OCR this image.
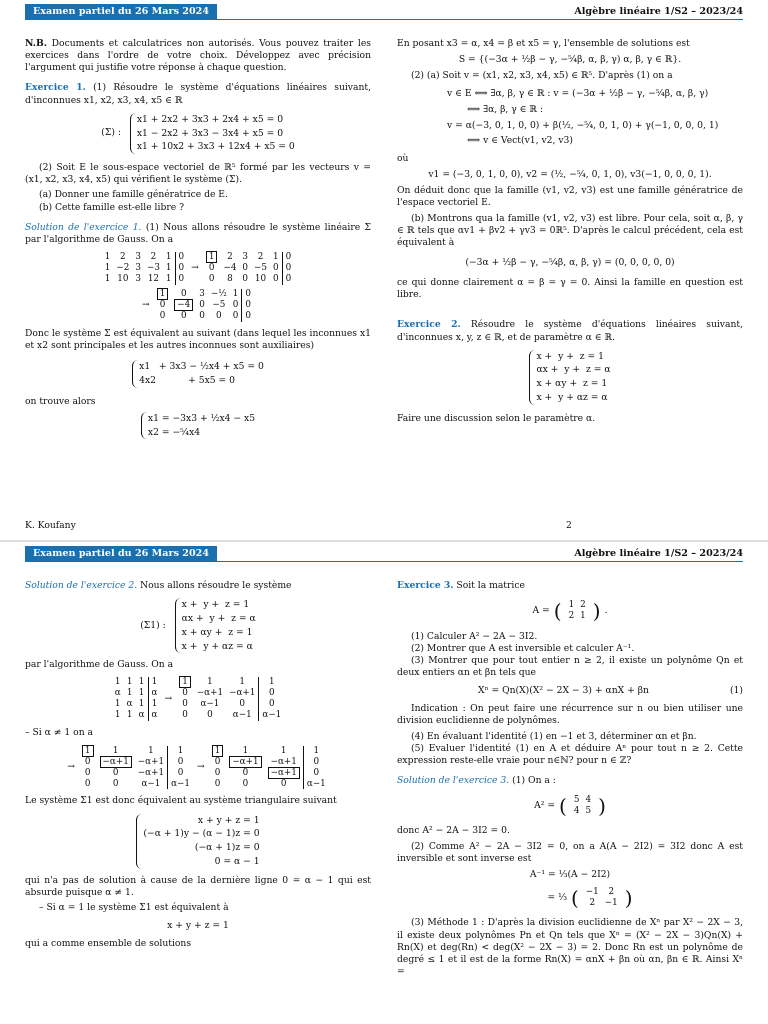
Examen partiel du 26 Mars 2024	Algèbre linéaire 1/S2 – 2023/24

N.B. Documents et calculatrices non autorisés. Vous pouvez traiter les exercices dans l'ordre de votre choix. Développez avec précision l'argument qui justifie votre réponse à chaque question.

Exercice 1. (1) Résoudre le système d'équations linéaires suivant, d'inconnues x1, x2, x3, x4, x5 ∈ ℝ

(Σ) :
x1 + 2x2 + 3x3 + 2x4 + x5 = 0
x1 − 2x2 + 3x3 − 3x4 + x5 = 0
x1 + 10x2 + 3x3 + 12x4 + x5 = 0

(2) Soit E le sous-espace vectoriel de ℝ⁵ formé par les vecteurs v = (x1, x2, x3, x4, x5) qui vérifient le système (Σ).

(a) Donner une famille génératrice de E.

(b) Cette famille est-elle libre ?

Solution de l'exercice 1. (1) Nous allons résoudre le système linéaire Σ par l'algorithme de Gauss. On a

1	2	3	2	1	0
1	−2	3	−3	1	0
1	10	3	12	1	0
→
1	2	3	2	1	0
0	−4	0	−5	0	0
0	8	0	10	0	0
→
1	0	3	−½	1	0
0	−4	0	−5	0	0
0	0	0	0	0	0

Donc le système Σ est équivalent au suivant (dans lequel les inconnues x1 et x2 sont principales et les autres inconnues sont auxiliaires)

x1   + 3x3 − ½x4 + x5 = 0
4x2           + 5x5 = 0

on trouve alors

x1 = −3x3 + ½x4 − x5
x2 = −⁵⁄₄x4
K. Koufany	2

En posant x3 = α, x4 = β et x5 = γ, l'ensemble de solutions est

S = {(−3α + ½β − γ, −⁵⁄₄β, α, β, γ) α, β, γ ∈ ℝ}.

(2) (a) Soit v = (x1, x2, x3, x4, x5) ∈ ℝ⁵. D'après (1) on a

v ∈ E ⟺ ∃α, β, γ ∈ ℝ : v = (−3α + ½β − γ, −⁵⁄₄β, α, β, γ)
⟺ ∃α, β, γ ∈ ℝ :
v = α(−3, 0, 1, 0, 0) + β(½, −⁵⁄₄, 0, 1, 0) + γ(−1, 0, 0, 0, 1)
⟺ v ∈ Vect(v1, v2, v3)

où

v1 = (−3, 0, 1, 0, 0), v2 = (½, −⁵⁄₄, 0, 1, 0), v3(−1, 0, 0, 0, 1).

On déduit donc que la famille (v1, v2, v3) est une famille génératrice de l'espace vectoriel E.

(b) Montrons qua la famille (v1, v2, v3) est libre. Pour cela, soit α, β, γ ∈ ℝ tels que αv1 + βv2 + γv3 = 0ℝ⁵. D'après le calcul précédent, cela est équivalent à

(−3α + ½β − γ, −⁵⁄₄β, α, β, γ) = (0, 0, 0, 0, 0)

ce qui donne clairement α = β = γ = 0. Ainsi la famille en question est libre.

Exercice 2. Résoudre le système d'équations linéaires suivant, d'inconnues x, y, z ∈ ℝ, et de paramètre α ∈ ℝ.

x +  y +  z = 1
αx +  y +  z = α
x + αy +  z = 1
x +  y + αz = α

Faire une discussion selon le paramètre α.

Examen partiel du 26 Mars 2024	Algèbre linéaire 1/S2 – 2023/24

Solution de l'exercice 2. Nous allons résoudre le système

(Σ1) :
x +  y +  z = 1
αx +  y +  z = α
x + αy +  z = 1
x +  y + αz = α

par l'algorithme de Gauss. On a

1	1	1	1
α	1	1	α
1	α	1	1
1	1	α	α
→
1	1	1	1
0	−α+1	−α+1	0
0	α−1	0	0
0	0	α−1	α−1

– Si α ≠ 1 on a

→
1	1	1	1
0	−α+1	−α+1	0
0	0	−α+1	0
0	0	α−1	α−1
→
1	1	1	1
0	−α+1	−α+1	0
0	0	−α+1	0
0	0	0	α−1

Le système Σ1 est donc équivalent au système triangulaire suivant

x + y + z = 1
(−α + 1)y − (α − 1)z = 0
(−α + 1)z = 0
0 = α − 1

qui n'a pas de solution à cause de la dernière ligne 0 = α − 1 qui est absurde puisque α ≠ 1.

– Si α = 1 le système Σ1 est équivalent à

x + y + z = 1

qui a comme ensemble de solutions

Exercice 3. Soit la matrice

A = ( 1	2
2	1 ) .

(1) Calculer A² − 2A − 3I2.

(2) Montrer que A est inversible et calculer A⁻¹.

(3) Montrer que pour tout entier n ≥ 2, il existe un polynôme Qn et deux entiers αn et βn tels que

Xⁿ = Qn(X)(X² − 2X − 3) + αnX + βn	(1)

Indication : On peut faire une récurrence sur n ou bien utiliser une division euclidienne de polynômes.

(4) En évaluant l'identité (1) en −1 et 3, déterminer αn et βn.

(5) Evaluer l'identité (1) en A et déduire Aⁿ pour tout n ≥ 2. Cette expression reste-elle vraie pour n∈ℕ? pour n ∈ ℤ?

Solution de l'exercice 3. (1) On a :

A² = ( 5	4
4	5 )

donc A² − 2A − 3I2 = 0.

(2) Comme A² − 2A − 3I2 = 0, on a A(A − 2I2) = 3I2 donc A est inversible et sont inverse est

A⁻¹ = ⅓(A − 2I2)
= ⅓ ( −1	2
2	−1 )

(3) Méthode 1 : D'après la division euclidienne de Xⁿ par X² − 2X − 3, il existe deux polynômes Pn et Qn tels que Xⁿ = (X² − 2X − 3)Qn(X) + Rn(X) et deg(Rn) < deg(X² − 2X − 3) = 2. Donc Rn est un polynôme de degré ≤ 1 et il est de la forme Rn(X) = αnX + βn où αn, βn ∈ ℝ. Ainsi Xⁿ =
